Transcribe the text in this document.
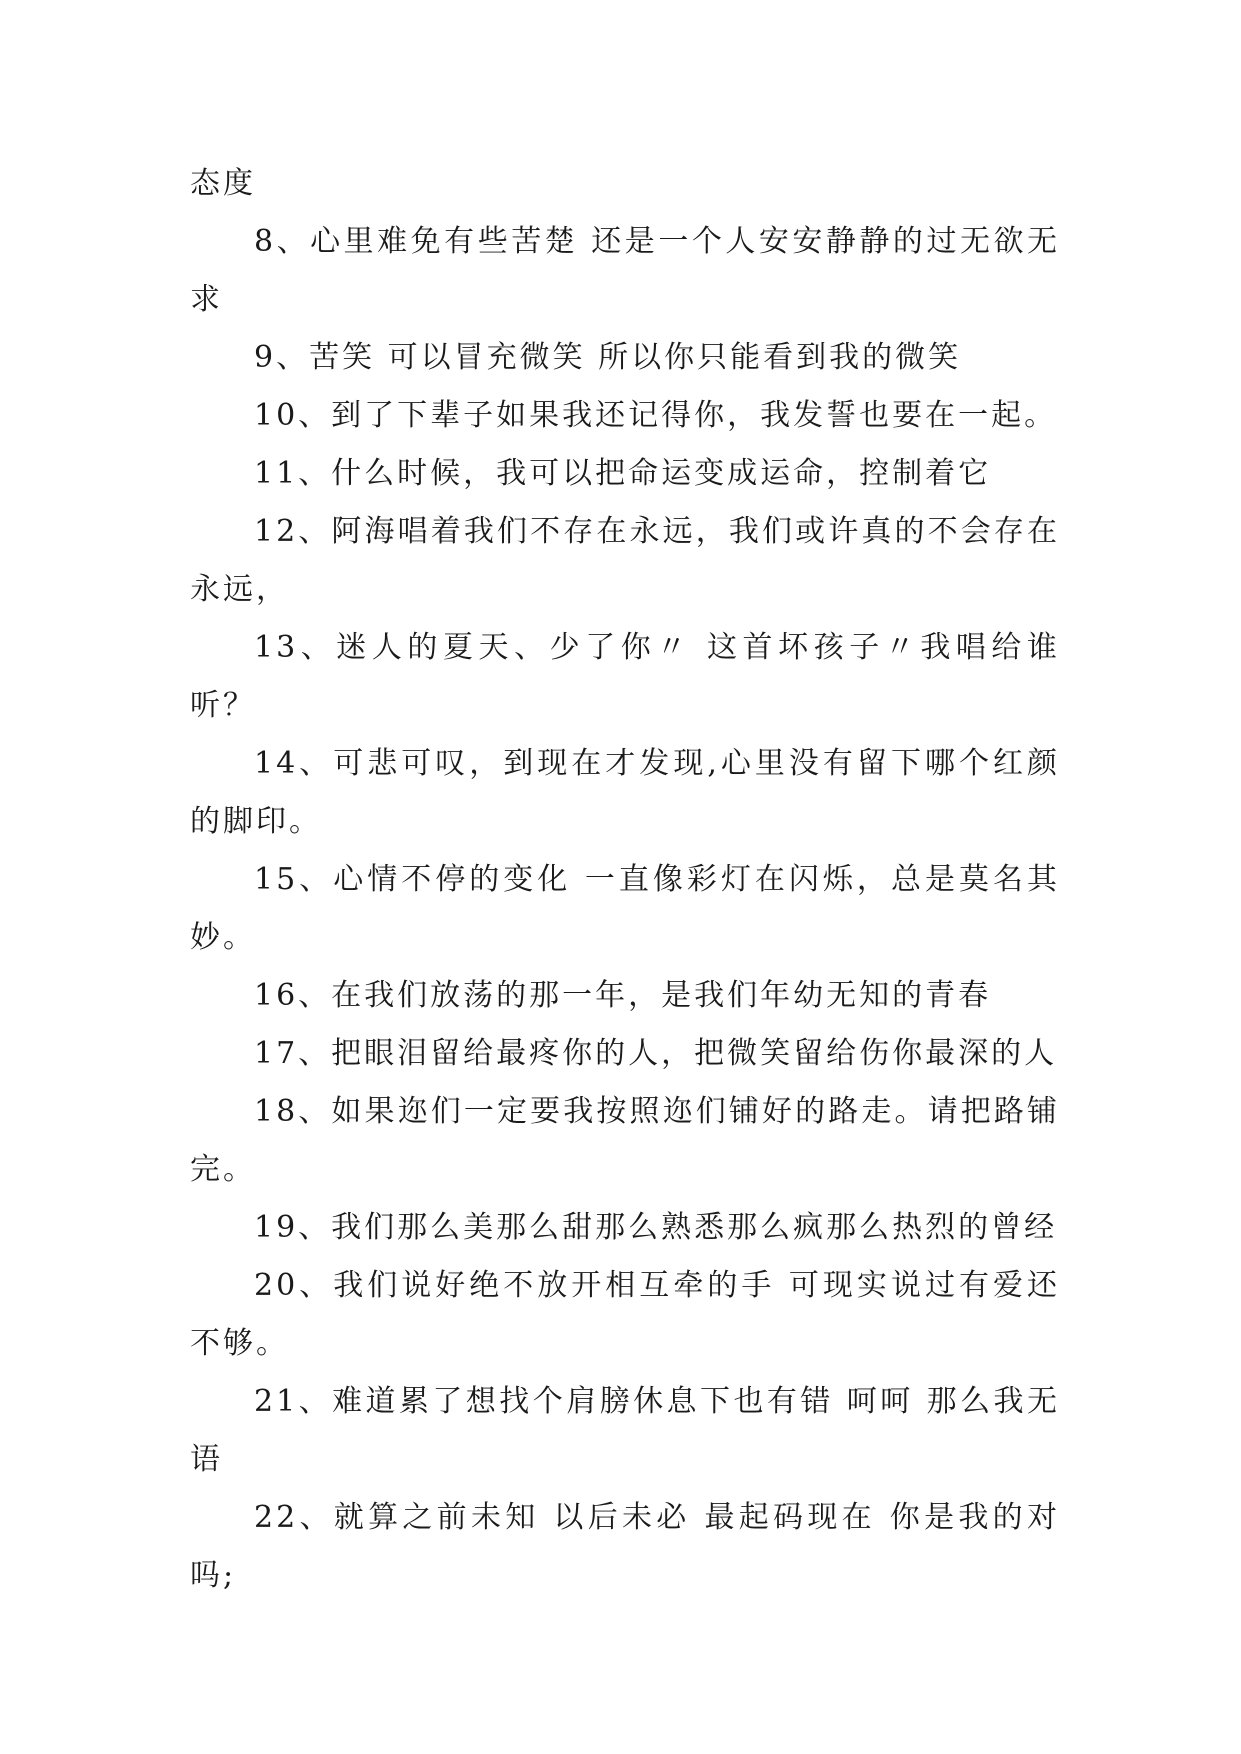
态度

8、心里难免有些苦楚 还是一个人安安静静的过无欲无求

9、苦笑 可以冒充微笑 所以你只能看到我的微笑

10、到了下辈子如果我还记得你，我发誓也要在一起。

11、什么时候，我可以把命运变成运命，控制着它

12、阿海唱着我们不存在永远，我们或许真的不会存在永远，

13、迷人的夏天、少了你〃 这首坏孩子〃我唱给谁听？

14、可悲可叹，到现在才发现,心里没有留下哪个红颜的脚印。

15、心情不停的变化 一直像彩灯在闪烁，总是莫名其妙。

16、在我们放荡的那一年，是我们年幼无知的青春

17、把眼泪留给最疼你的人，把微笑留给伤你最深的人

18、如果迩们一定要我按照迩们铺好的路走。请把路铺完。

19、我们那么美那么甜那么熟悉那么疯那么热烈的曾经

20、我们说好绝不放开相互牵的手 可现实说过有爱还不够。

21、难道累了想找个肩膀休息下也有错 呵呵 那么我无语

22、就算之前未知 以后未必 最起码现在 你是我的对吗;
